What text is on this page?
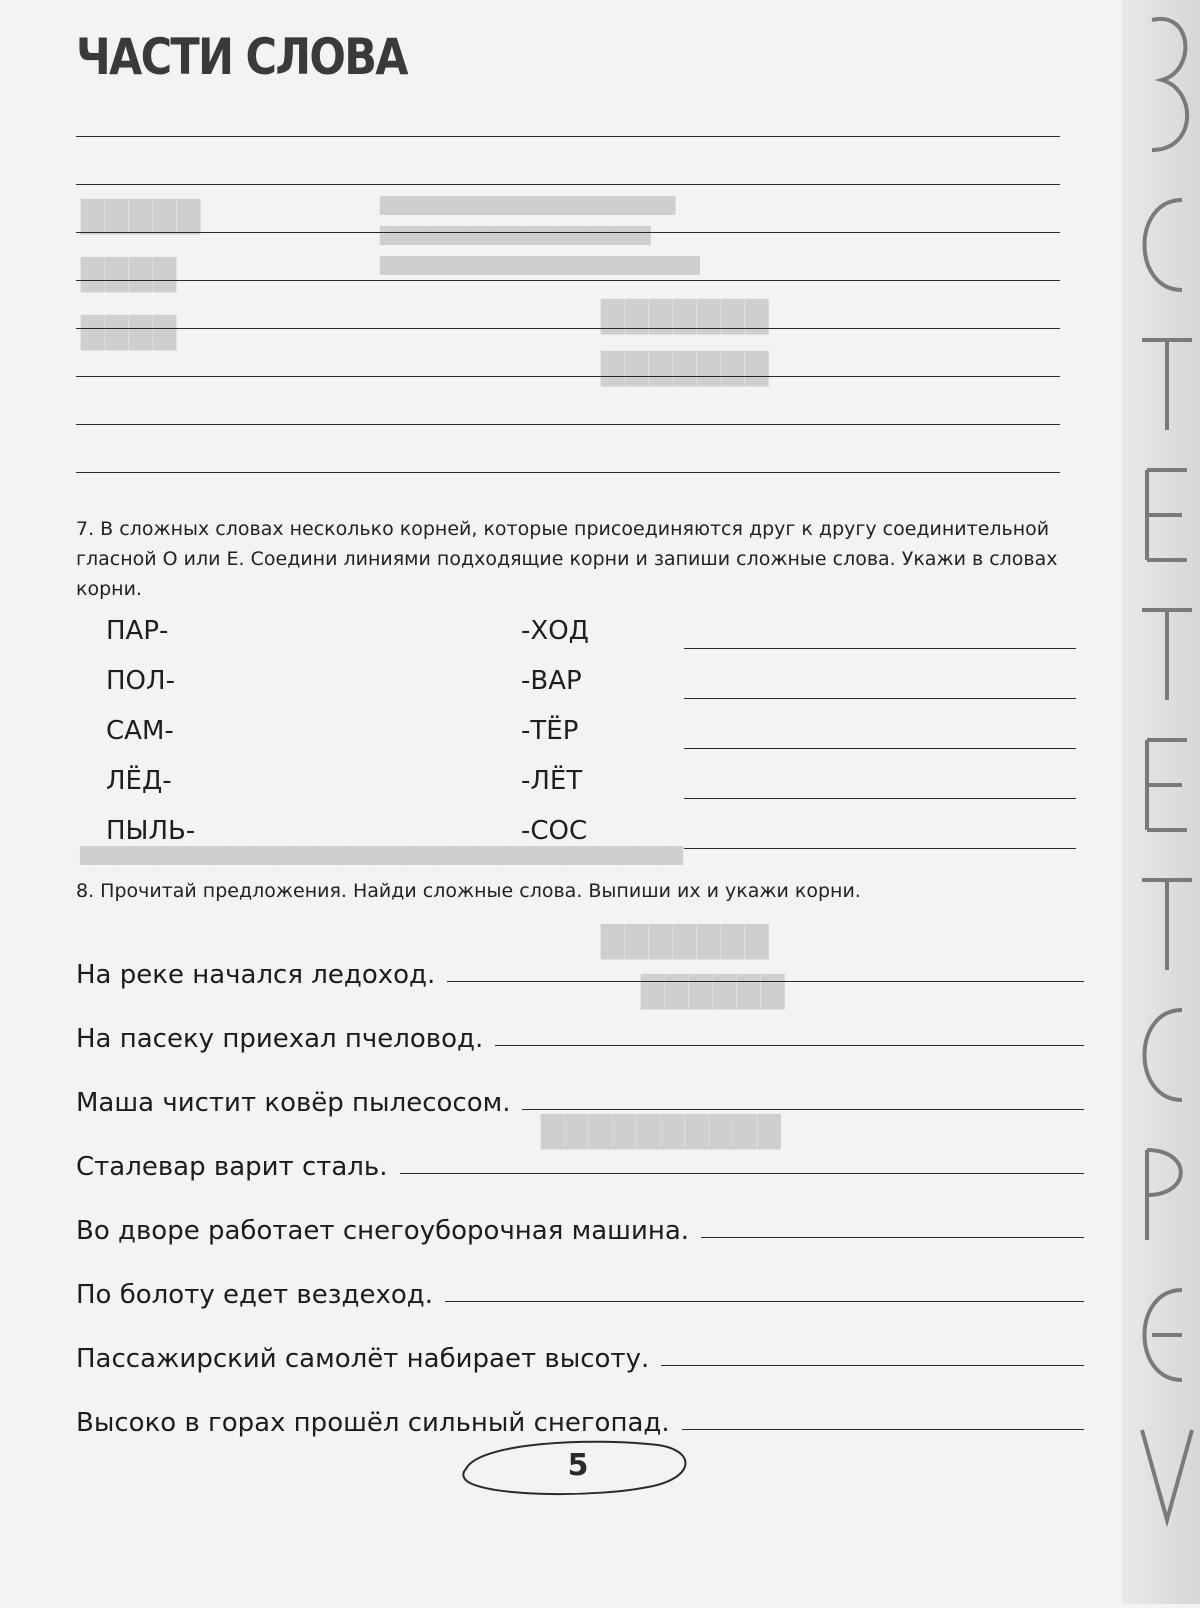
█████
████
████	███████
███████
███████
██████
██████████
████████████████████████
██████████████████████
██████████████████████████
█████████████████████████████████████████████████
ЧАСТИ СЛОВА

7. В сложных словах несколько корней, которые присоединяются друг к другу соединительной гласной О или Е. Соедини линиями подходящие корни и запиши сложные слова. Укажи в словах корни.

ПАР-
ПОЛ-
САМ-
ЛЁД-
ПЫЛЬ-
-ХОД
-ВАР
-ТЁР
-ЛЁТ
-СОС

8. Прочитай предложения. Найди сложные слова. Выпиши их и укажи корни.

На реке начался ледоход.
На пасеку приехал пчеловод.
Маша чистит ковёр пылесосом.
Сталевар варит сталь.
Во дворе работает снегоуборочная машина.
По болоту едет вездеход.
Пассажирский самолёт набирает высоту.
Высоко в горах прошёл сильный снегопад.
5
